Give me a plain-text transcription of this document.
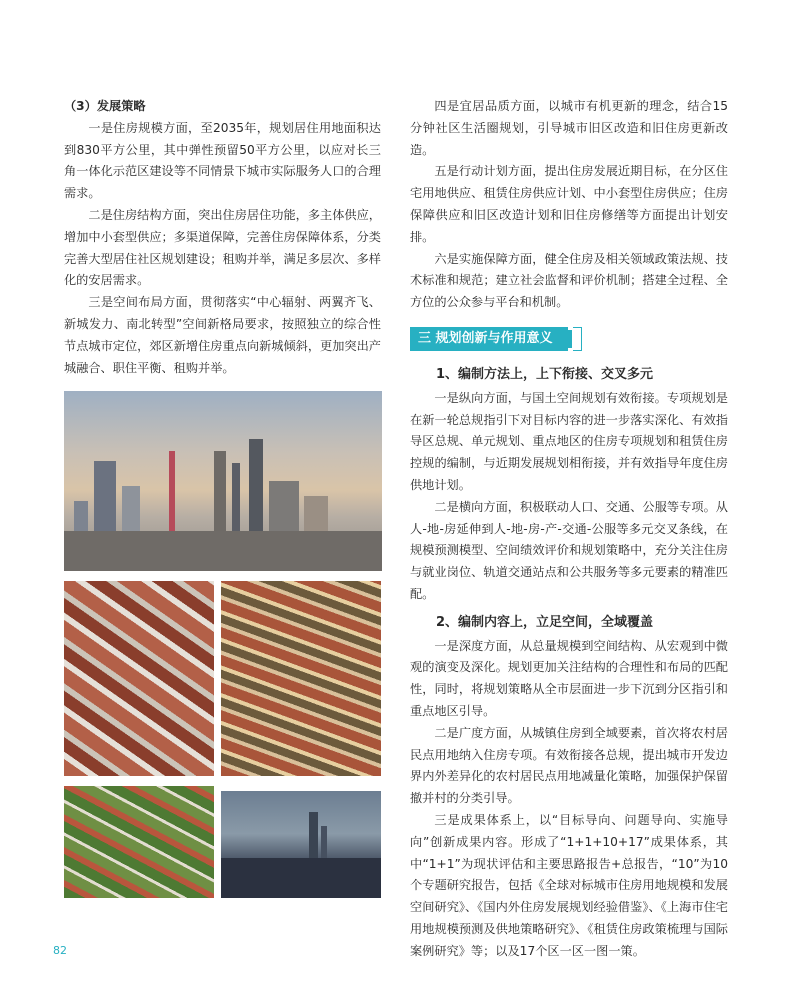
（3）发展策略

一是住房规模方面，至2035年，规划居住用地面积达到830平方公里，其中弹性预留50平方公里，以应对长三角一体化示范区建设等不同情景下城市实际服务人口的合理需求。

二是住房结构方面，突出住房居住功能，多主体供应，增加中小套型供应；多渠道保障，完善住房保障体系，分类完善大型居住社区规划建设；租购并举，满足多层次、多样化的安居需求。

三是空间布局方面，贯彻落实“中心辐射、两翼齐飞、新城发力、南北转型”空间新格局要求，按照独立的综合性节点城市定位，郊区新增住房重点向新城倾斜，更加突出产城融合、职住平衡、租购并举。

四是宜居品质方面，以城市有机更新的理念，结合15分钟社区生活圈规划，引导城市旧区改造和旧住房更新改造。

五是行动计划方面，提出住房发展近期目标，在分区住宅用地供应、租赁住房供应计划、中小套型住房供应；住房保障供应和旧区改造计划和旧住房修缮等方面提出计划安排。

六是实施保障方面，健全住房及相关领域政策法规、技术标准和规范；建立社会监督和评价机制；搭建全过程、全方位的公众参与平台和机制。

三 规划创新与作用意义

1、编制方法上，上下衔接、交叉多元

一是纵向方面，与国土空间规划有效衔接。专项规划是在新一轮总规指引下对目标内容的进一步落实深化、有效指导区总规、单元规划、重点地区的住房专项规划和租赁住房控规的编制，与近期发展规划相衔接，并有效指导年度住房供地计划。

二是横向方面，积极联动人口、交通、公服等专项。从人-地-房延伸到人-地-房-产-交通-公服等多元交叉条线，在规模预测模型、空间绩效评价和规划策略中，充分关注住房与就业岗位、轨道交通站点和公共服务等多元要素的精准匹配。

2、编制内容上，立足空间，全域覆盖

一是深度方面，从总量规模到空间结构、从宏观到中微观的演变及深化。规划更加关注结构的合理性和布局的匹配性，同时，将规划策略从全市层面进一步下沉到分区指引和重点地区引导。

二是广度方面，从城镇住房到全域要素，首次将农村居民点用地纳入住房专项。有效衔接各总规，提出城市开发边界内外差异化的农村居民点用地减量化策略，加强保护保留撤并村的分类引导。

三是成果体系上，以“目标导向、问题导向、实施导向”创新成果内容。形成了“1+1+10+17”成果体系，其中“1+1”为现状评估和主要思路报告+总报告，“10”为10个专题研究报告，包括《全球对标城市住房用地规模和发展空间研究》、《国内外住房发展规划经验借鉴》、《上海市住宅用地规模预测及供地策略研究》、《租赁住房政策梳理与国际案例研究》等；以及17个区一区一图一策。

82
